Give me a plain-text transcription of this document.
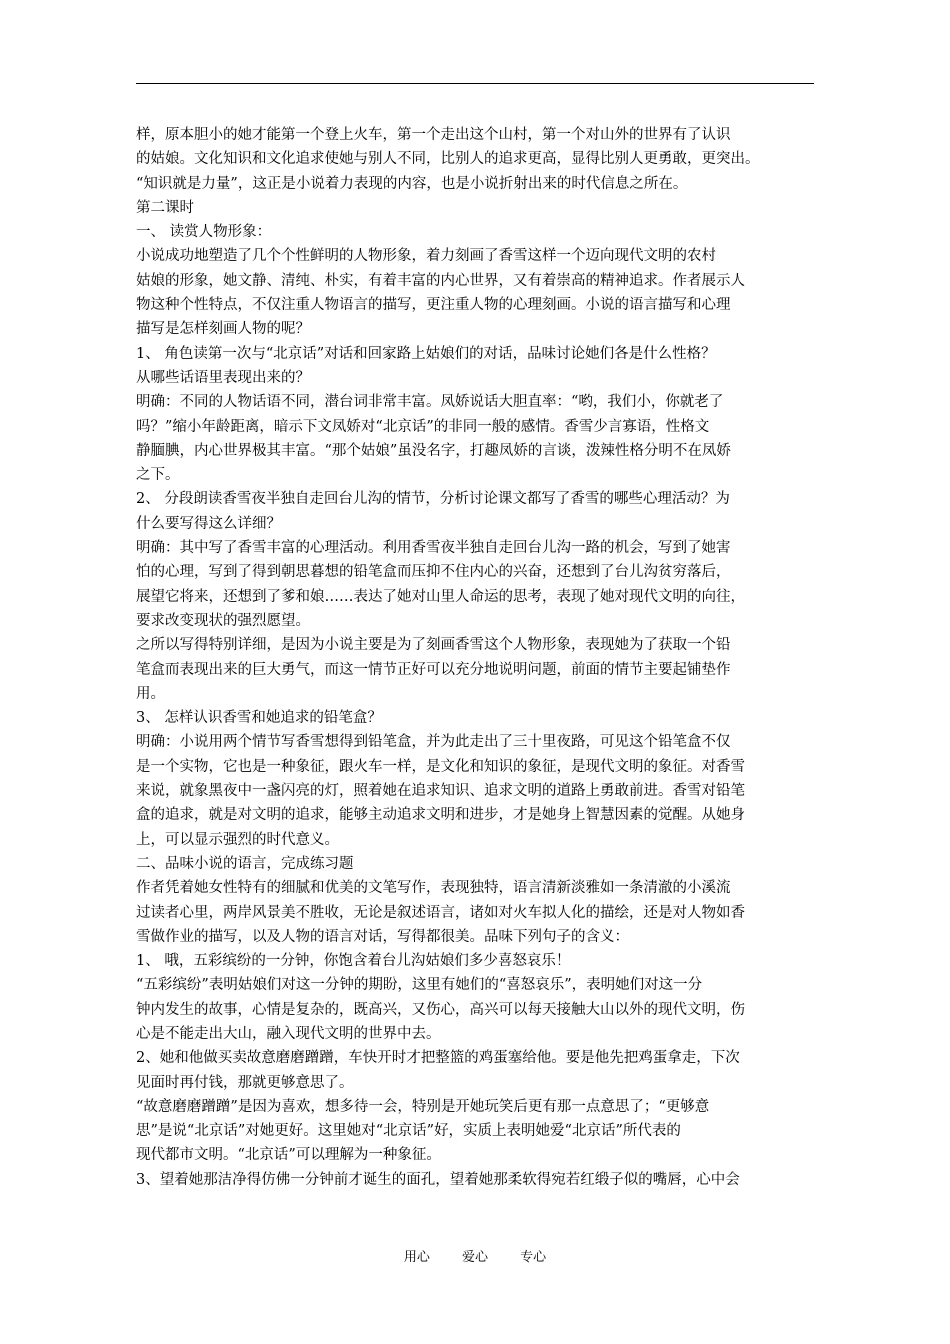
样，原本胆小的她才能第一个登上火车，第一个走出这个山村，第一个对山外的世界有了认识
的姑娘。文化知识和文化追求使她与别人不同，比别人的追求更高，显得比别人更勇敢，更突出。
“知识就是力量”，这正是小说着力表现的内容，也是小说折射出来的时代信息之所在。
第二课时
一、 读赏人物形象：
小说成功地塑造了几个个性鲜明的人物形象，着力刻画了香雪这样一个迈向现代文明的农村
姑娘的形象，她文静、清纯、朴实，有着丰富的内心世界，又有着崇高的精神追求。作者展示人
物这种个性特点，不仅注重人物语言的描写，更注重人物的心理刻画。小说的语言描写和心理
描写是怎样刻画人物的呢？
1、 角色读第一次与“北京话”对话和回家路上姑娘们的对话，品味讨论她们各是什么性格？
从哪些话语里表现出来的？
明确：不同的人物话语不同，潜台词非常丰富。凤娇说话大胆直率：“哟，我们小，你就老了
吗？”缩小年龄距离，暗示下文凤娇对“北京话”的非同一般的感情。香雪少言寡语，性格文
静腼腆，内心世界极其丰富。“那个姑娘”虽没名字，打趣凤娇的言谈，泼辣性格分明不在凤娇
之下。
2、 分段朗读香雪夜半独自走回台儿沟的情节，分析讨论课文都写了香雪的哪些心理活动？为
什么要写得这么详细？
明确：其中写了香雪丰富的心理活动。利用香雪夜半独自走回台儿沟一路的机会，写到了她害
怕的心理，写到了得到朝思暮想的铅笔盒而压抑不住内心的兴奋，还想到了台儿沟贫穷落后，
展望它将来，还想到了爹和娘……表达了她对山里人命运的思考，表现了她对现代文明的向往，
要求改变现状的强烈愿望。
之所以写得特别详细，是因为小说主要是为了刻画香雪这个人物形象，表现她为了获取一个铅
笔盒而表现出来的巨大勇气，而这一情节正好可以充分地说明问题，前面的情节主要起铺垫作
用。
3、 怎样认识香雪和她追求的铅笔盒？
明确：小说用两个情节写香雪想得到铅笔盒，并为此走出了三十里夜路，可见这个铅笔盒不仅
是一个实物，它也是一种象征，跟火车一样，是文化和知识的象征，是现代文明的象征。对香雪
来说，就象黑夜中一盏闪亮的灯，照着她在追求知识、追求文明的道路上勇敢前进。香雪对铅笔
盒的追求，就是对文明的追求，能够主动追求文明和进步，才是她身上智慧因素的觉醒。从她身
上，可以显示强烈的时代意义。
二、品味小说的语言，完成练习题
作者凭着她女性特有的细腻和优美的文笔写作，表现独特，语言清新淡雅如一条清澈的小溪流
过读者心里，两岸风景美不胜收，无论是叙述语言，诸如对火车拟人化的描绘，还是对人物如香
雪做作业的描写，以及人物的语言对话，写得都很美。品味下列句子的含义：
1、 哦，五彩缤纷的一分钟，你饱含着台儿沟姑娘们多少喜怒哀乐！
“五彩缤纷”表明姑娘们对这一分钟的期盼，这里有她们的“喜怒哀乐”，表明她们对这一分
钟内发生的故事，心情是复杂的，既高兴，又伤心，高兴可以每天接触大山以外的现代文明，伤
心是不能走出大山，融入现代文明的世界中去。
2、她和他做买卖故意磨磨蹭蹭，车快开时才把整篮的鸡蛋塞给他。要是他先把鸡蛋拿走，下次
见面时再付钱，那就更够意思了。
“故意磨磨蹭蹭”是因为喜欢，想多待一会，特别是开她玩笑后更有那一点意思了；“更够意
思”是说“北京话”对她更好。这里她对“北京话”好，实质上表明她爱“北京话”所代表的
现代都市文明。“北京话”可以理解为一种象征。
3、望着她那洁净得仿佛一分钟前才诞生的面孔，望着她那柔软得宛若红缎子似的嘴唇，心中会
用心 爱心 专心
